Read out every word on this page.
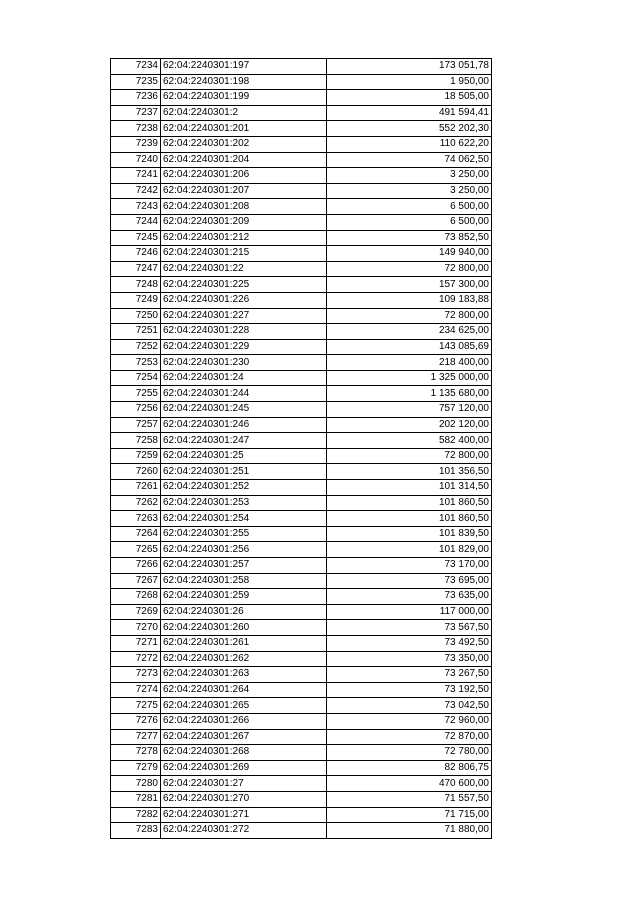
7234	62:04:2240301:197	173 051,78
7235	62:04:2240301:198	1 950,00
7236	62:04:2240301:199	18 505,00
7237	62:04:2240301:2	491 594,41
7238	62:04:2240301:201	552 202,30
7239	62:04:2240301:202	110 622,20
7240	62:04:2240301:204	74 062,50
7241	62:04:2240301:206	3 250,00
7242	62:04:2240301:207	3 250,00
7243	62:04:2240301:208	6 500,00
7244	62:04:2240301:209	6 500,00
7245	62:04:2240301:212	73 852,50
7246	62:04:2240301:215	149 940,00
7247	62:04:2240301:22	72 800,00
7248	62:04:2240301:225	157 300,00
7249	62:04:2240301:226	109 183,88
7250	62:04:2240301:227	72 800,00
7251	62:04:2240301:228	234 625,00
7252	62:04:2240301:229	143 085,69
7253	62:04:2240301:230	218 400,00
7254	62:04:2240301:24	1 325 000,00
7255	62:04:2240301:244	1 135 680,00
7256	62:04:2240301:245	757 120,00
7257	62:04:2240301:246	202 120,00
7258	62:04:2240301:247	582 400,00
7259	62:04:2240301:25	72 800,00
7260	62:04:2240301:251	101 356,50
7261	62:04:2240301:252	101 314,50
7262	62:04:2240301:253	101 860,50
7263	62:04:2240301:254	101 860,50
7264	62:04:2240301:255	101 839,50
7265	62:04:2240301:256	101 829,00
7266	62:04:2240301:257	73 170,00
7267	62:04:2240301:258	73 695,00
7268	62:04:2240301:259	73 635,00
7269	62:04:2240301:26	117 000,00
7270	62:04:2240301:260	73 567,50
7271	62:04:2240301:261	73 492,50
7272	62:04:2240301:262	73 350,00
7273	62:04:2240301:263	73 267,50
7274	62:04:2240301:264	73 192,50
7275	62:04:2240301:265	73 042,50
7276	62:04:2240301:266	72 960,00
7277	62:04:2240301:267	72 870,00
7278	62:04:2240301:268	72 780,00
7279	62:04:2240301:269	82 806,75
7280	62:04:2240301:27	470 600,00
7281	62:04:2240301:270	71 557,50
7282	62:04:2240301:271	71 715,00
7283	62:04:2240301:272	71 880,00
